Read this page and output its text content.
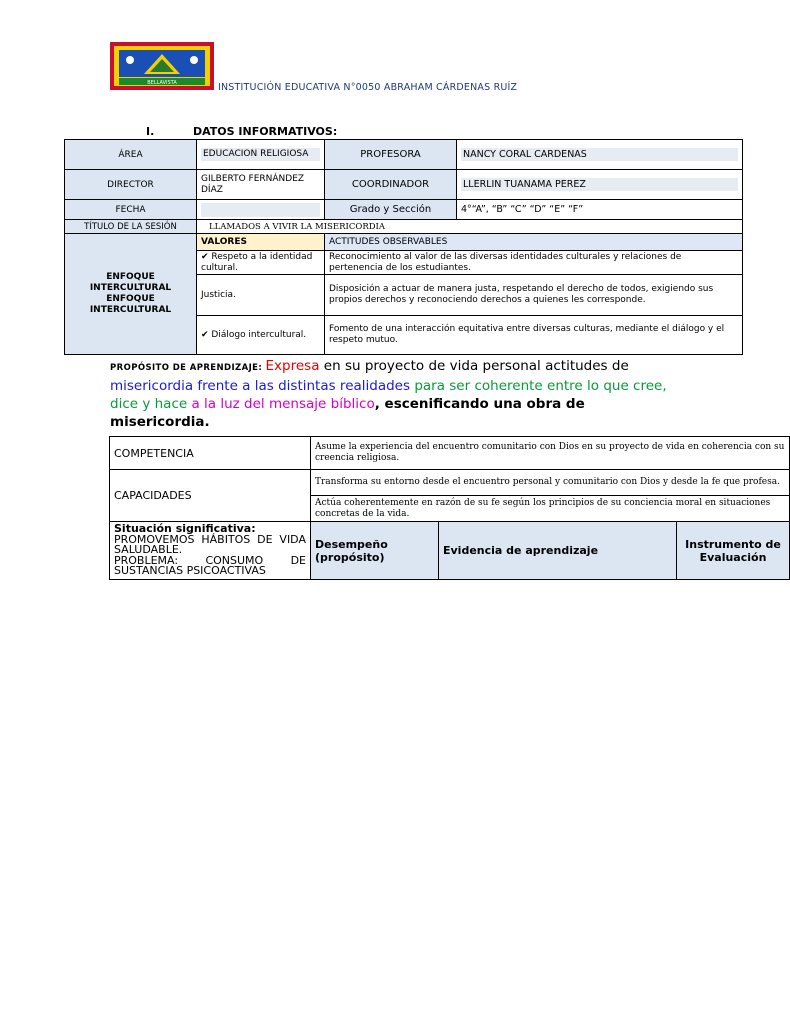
BELLAVISTA	INSTITUCIÓN EDUCATIVA N°0050 ABRAHAM CÁRDENAS RUÍZ
I.	DATOS INFORMATIVOS:
ÁREA	EDUCACION RELIGIOSA	PROFESORA	NANCY CORAL CARDENAS

DIRECTOR	GILBERTO FERNÁNDEZ DÍAZ	COORDINADOR	LLERLIN TUANAMA PEREZ

FECHA		Grado y Sección	4°“A”, “B” “C” “D” “E” “F”
TÍTULO DE LA SESIÓN	LLAMADOS A VIVIR LA MISERICORDIA		
ENFOQUE INTERCULTURAL ENFOQUE INTERCULTURAL	VALORES	ACTITUDES OBSERVABLES	
	✔ Respeto a la identidad cultural.	Reconocimiento al valor de las diversas identidades culturales y relaciones de pertenencia de los estudiantes.	
	Justicia.	Disposición a actuar de manera justa, respetando el derecho de todos, exigiendo sus propios derechos y reconociendo derechos a quienes les corresponde.	
	✔ Diálogo intercultural.	Fomento de una interacción equitativa entre diversas culturas, mediante el diálogo y el respeto mutuo.	
PROPÓSITO DE APRENDIZAJE: Expresa en su proyecto de vida personal actitudes de misericordia frente a las distintas realidades para ser coherente entre lo que cree, dice y hace a la luz del mensaje bíblico, escenificando una obra de misericordia.
COMPETENCIA	Asume la experiencia del encuentro comunitario con Dios en su proyecto de vida en coherencia con su creencia religiosa.		
CAPACIDADES	Transforma su entorno desde el encuentro personal y comunitario con Dios y desde la fe que profesa.		
	Actúa coherentemente en razón de su fe según los principios de su conciencia moral en situaciones concretas de la vida.		

Situación significativa:
PROMOVEMOS HÁBITOS DE VIDA SALUDABLE.
PROBLEMA: CONSUMO DE SUSTANCIAS PSICOACTIVAS	Desempeño (propósito)	Evidencia de aprendizaje	Instrumento de Evaluación
